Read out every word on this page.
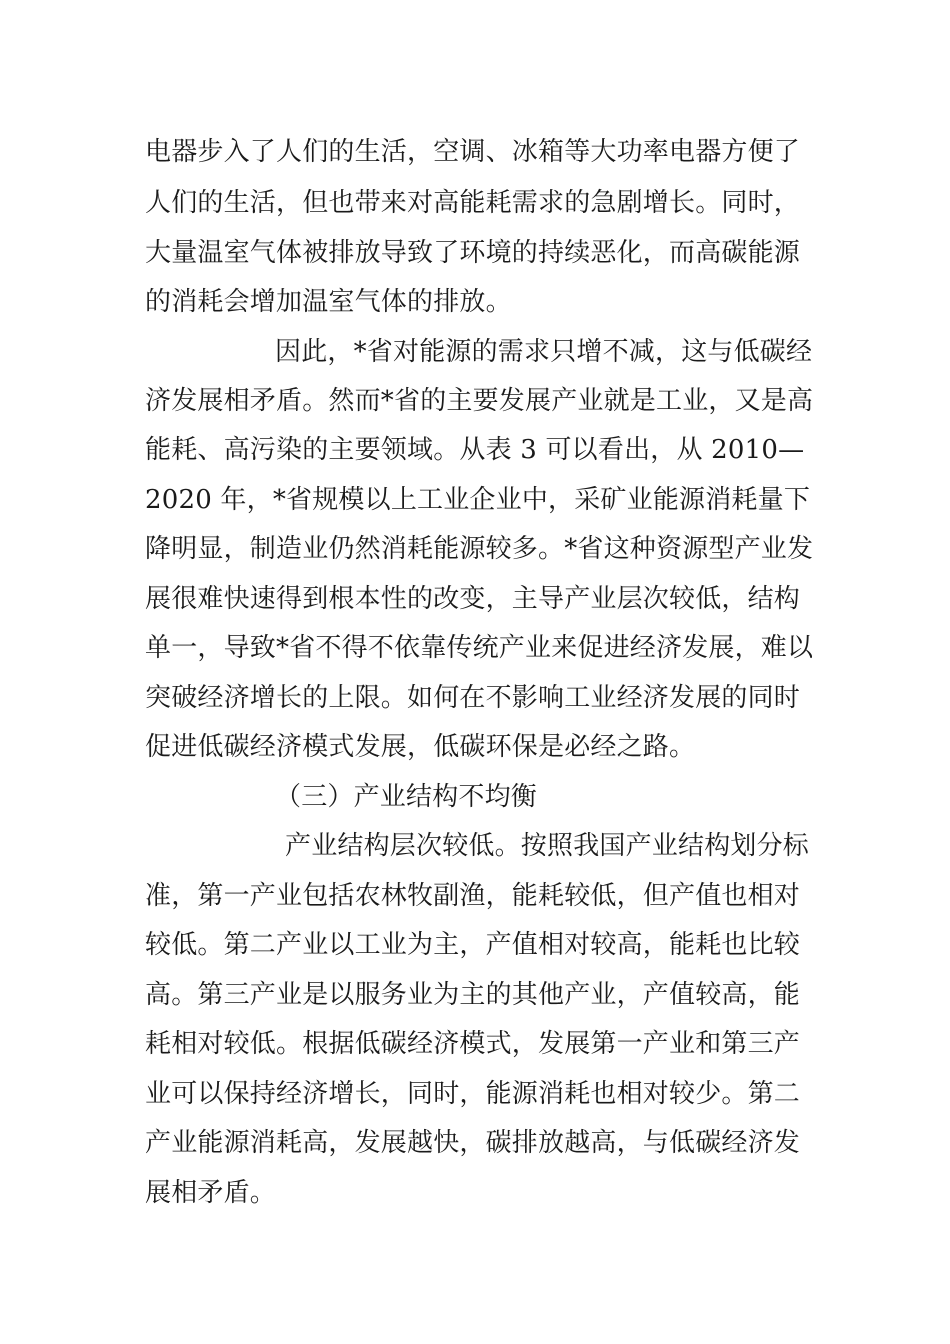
电器步入了人们的生活，空调、冰箱等大功率电器方便了
人们的生活，但也带来对高能耗需求的急剧增长。同时，
大量温室气体被排放导致了环境的持续恶化，而高碳能源
的消耗会增加温室气体的排放。
因此，*省对能源的需求只增不减，这与低碳经
济发展相矛盾。然而*省的主要发展产业就是工业，又是高
能耗、高污染的主要领域。从表 3 可以看出，从 2010—
2020 年，*省规模以上工业企业中，采矿业能源消耗量下
降明显，制造业仍然消耗能源较多。*省这种资源型产业发
展很难快速得到根本性的改变，主导产业层次较低，结构
单一，导致*省不得不依靠传统产业来促进经济发展，难以
突破经济增长的上限。如何在不影响工业经济发展的同时
促进低碳经济模式发展，低碳环保是必经之路。
（三）产业结构不均衡
产业结构层次较低。按照我国产业结构划分标
准，第一产业包括农林牧副渔，能耗较低，但产值也相对
较低。第二产业以工业为主，产值相对较高，能耗也比较
高。第三产业是以服务业为主的其他产业，产值较高，能
耗相对较低。根据低碳经济模式，发展第一产业和第三产
业可以保持经济增长，同时，能源消耗也相对较少。第二
产业能源消耗高，发展越快，碳排放越高，与低碳经济发
展相矛盾。
